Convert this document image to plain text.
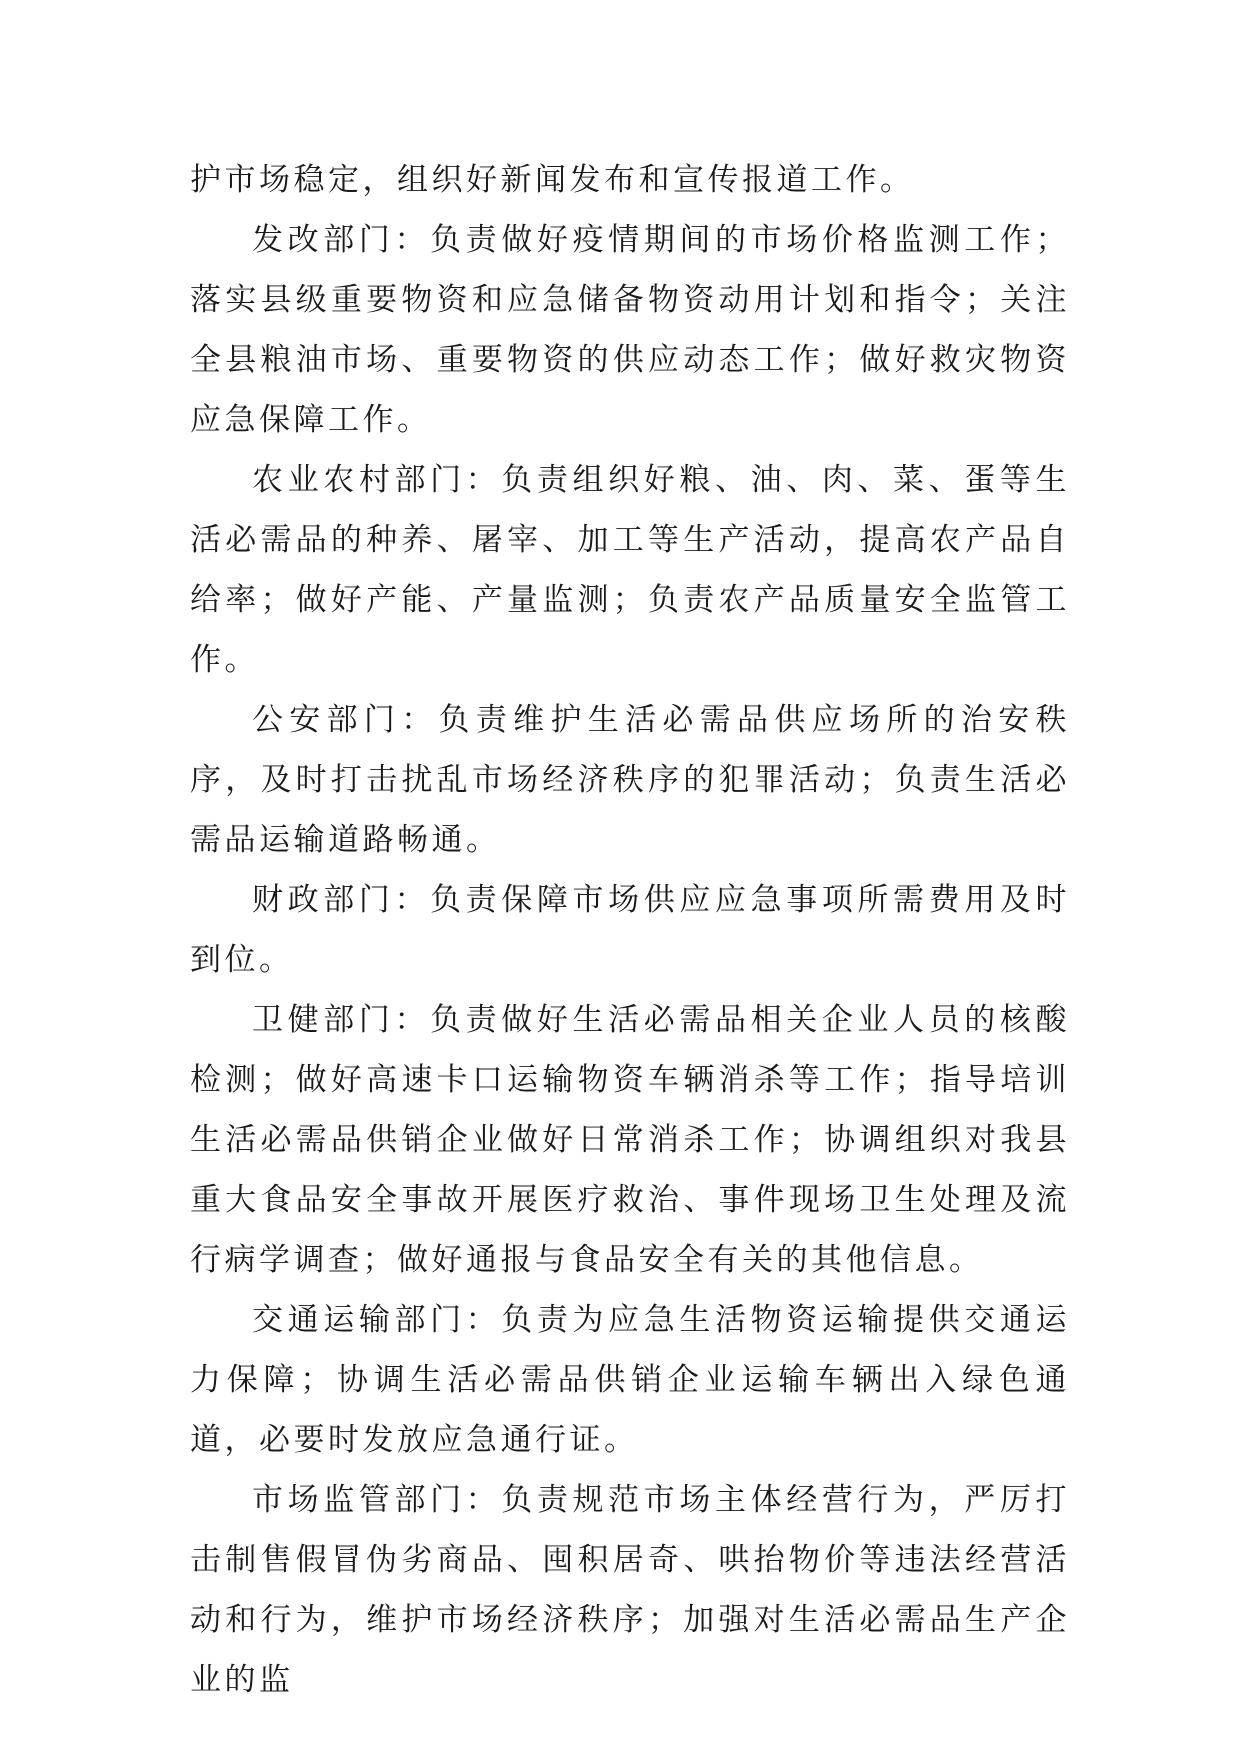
护市场稳定，组织好新闻发布和宣传报道工作。

发改部门：负责做好疫情期间的市场价格监测工作；落实县级重要物资和应急储备物资动用计划和指令；关注全县粮油市场、重要物资的供应动态工作；做好救灾物资应急保障工作。

农业农村部门：负责组织好粮、油、肉、菜、蛋等生活必需品的种养、屠宰、加工等生产活动，提高农产品自给率；做好产能、产量监测；负责农产品质量安全监管工作。

公安部门：负责维护生活必需品供应场所的治安秩序，及时打击扰乱市场经济秩序的犯罪活动；负责生活必需品运输道路畅通。

财政部门：负责保障市场供应应急事项所需费用及时到位。

卫健部门：负责做好生活必需品相关企业人员的核酸检测；做好高速卡口运输物资车辆消杀等工作；指导培训生活必需品供销企业做好日常消杀工作；协调组织对我县重大食品安全事故开展医疗救治、事件现场卫生处理及流行病学调查；做好通报与食品安全有关的其他信息。

交通运输部门：负责为应急生活物资运输提供交通运力保障；协调生活必需品供销企业运输车辆出入绿色通道，必要时发放应急通行证。

市场监管部门：负责规范市场主体经营行为，严厉打击制售假冒伪劣商品、囤积居奇、哄抬物价等违法经营活动和行为，维护市场经济秩序；加强对生活必需品生产企业的监
